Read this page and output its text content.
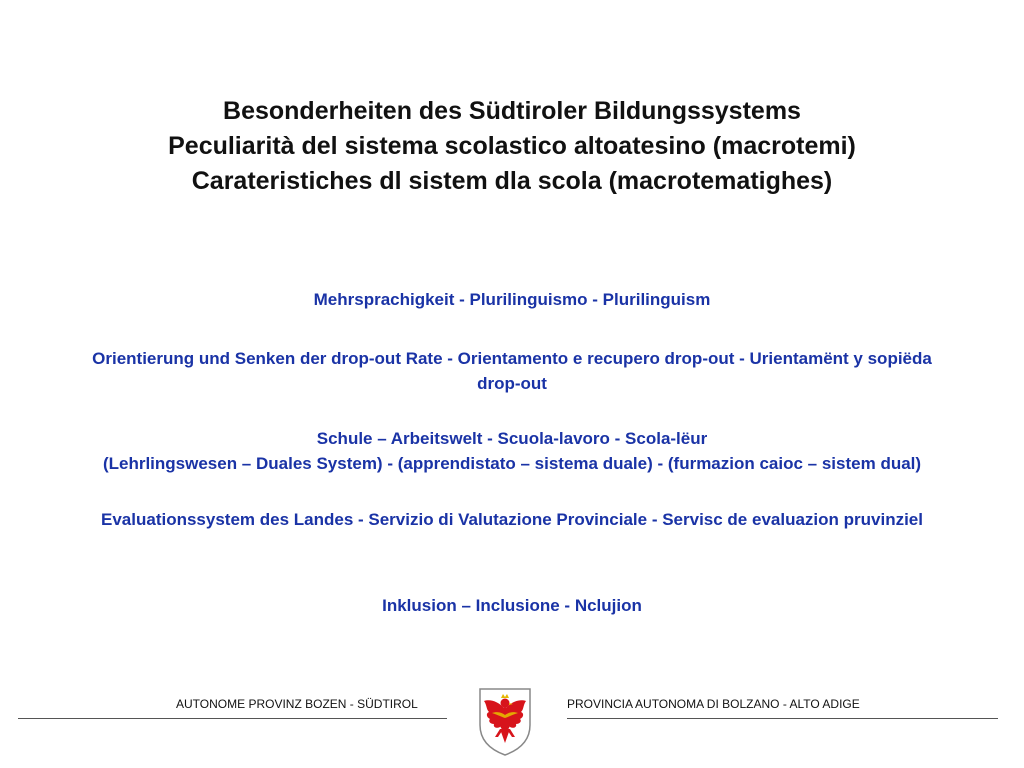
Besonderheiten des Südtiroler Bildungssystems
Peculiarità del sistema scolastico altoatesino (macrotemi)
Carateristiches dl sistem dla scola (macrotematighes)
Mehrsprachigkeit - Plurilinguismo - Plurilinguism
Orientierung und Senken der drop-out Rate - Orientamento e recupero drop-out - Urientamënt y sopiëda
drop-out
Schule – Arbeitswelt - Scuola-lavoro - Scola-lëur
(Lehrlingswesen – Duales System) - (apprendistato – sistema duale) - (furmazion caioc – sistem dual)
Evaluationssystem des Landes - Servizio di Valutazione Provinciale - Servisc de evaluazion pruvinziel
Inklusion – Inclusione - Nclujion
AUTONOME PROVINZ BOZEN - SÜDTIROL	PROVINCIA AUTONOMA DI BOLZANO - ALTO ADIGE
